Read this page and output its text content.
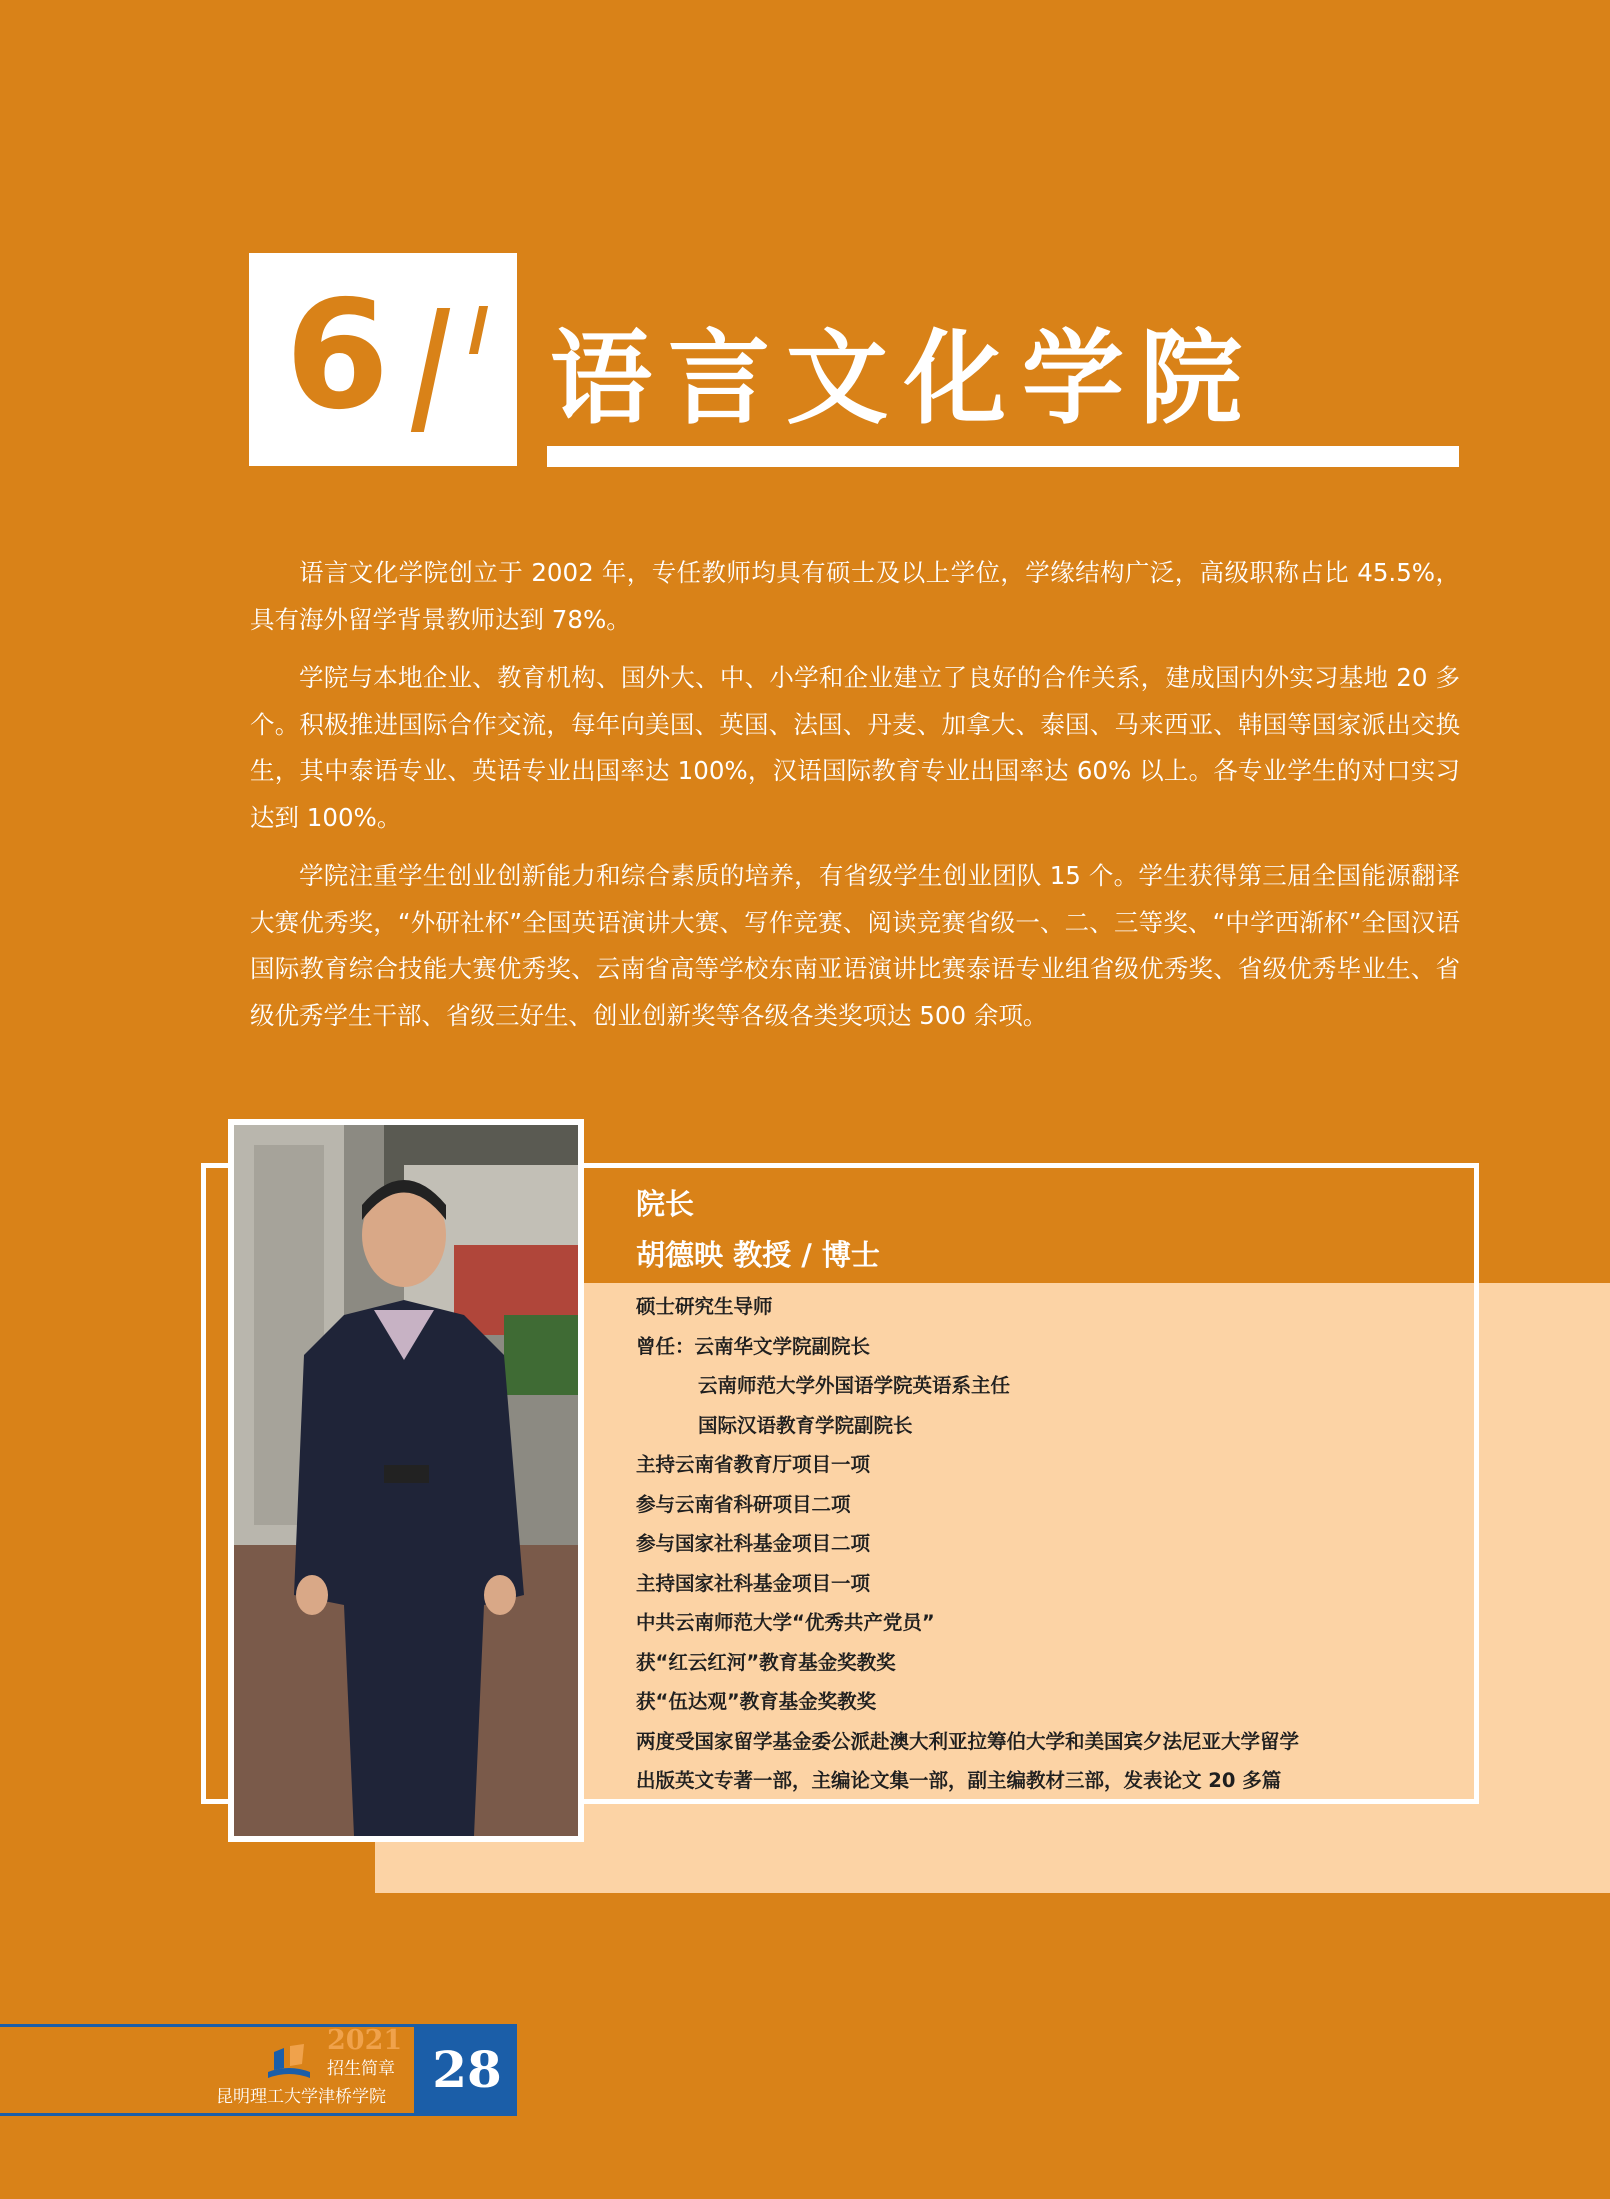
6 语言文化学院

语言文化学院创立于 2002 年，专任教师均具有硕士及以上学位，学缘结构广泛，高级职称占比 45.5%，具有海外留学背景教师达到 78%。

学院与本地企业、教育机构、国外大、中、小学和企业建立了良好的合作关系，建成国内外实习基地 20 多个。积极推进国际合作交流，每年向美国、英国、法国、丹麦、加拿大、泰国、马来西亚、韩国等国家派出交换生，其中泰语专业、英语专业出国率达 100%，汉语国际教育专业出国率达 60% 以上。各专业学生的对口实习达到 100%。

学院注重学生创业创新能力和综合素质的培养，有省级学生创业团队 15 个。学生获得第三届全国能源翻译大赛优秀奖，“外研社杯”全国英语演讲大赛、写作竞赛、阅读竞赛省级一、二、三等奖、“中学西渐杯”全国汉语国际教育综合技能大赛优秀奖、云南省高等学校东南亚语演讲比赛泰语专业组省级优秀奖、省级优秀毕业生、省级优秀学生干部、省级三好生、创业创新奖等各级各类奖项达 500 余项。

院长
胡德映 教授 / 博士
硕士研究生导师
曾任：云南华文学院副院长
云南师范大学外国语学院英语系主任
国际汉语教育学院副院长
主持云南省教育厅项目一项
参与云南省科研项目二项
参与国家社科基金项目二项
主持国家社科基金项目一项
中共云南师范大学“优秀共产党员”
获“红云红河”教育基金奖教奖
获“伍达观”教育基金奖教奖
两度受国家留学基金委公派赴澳大利亚拉筹伯大学和美国宾夕法尼亚大学留学
出版英文专著一部，主编论文集一部，副主编教材三部，发表论文 20 多篇
2021
招生简章
昆明理工大学津桥学院 28
